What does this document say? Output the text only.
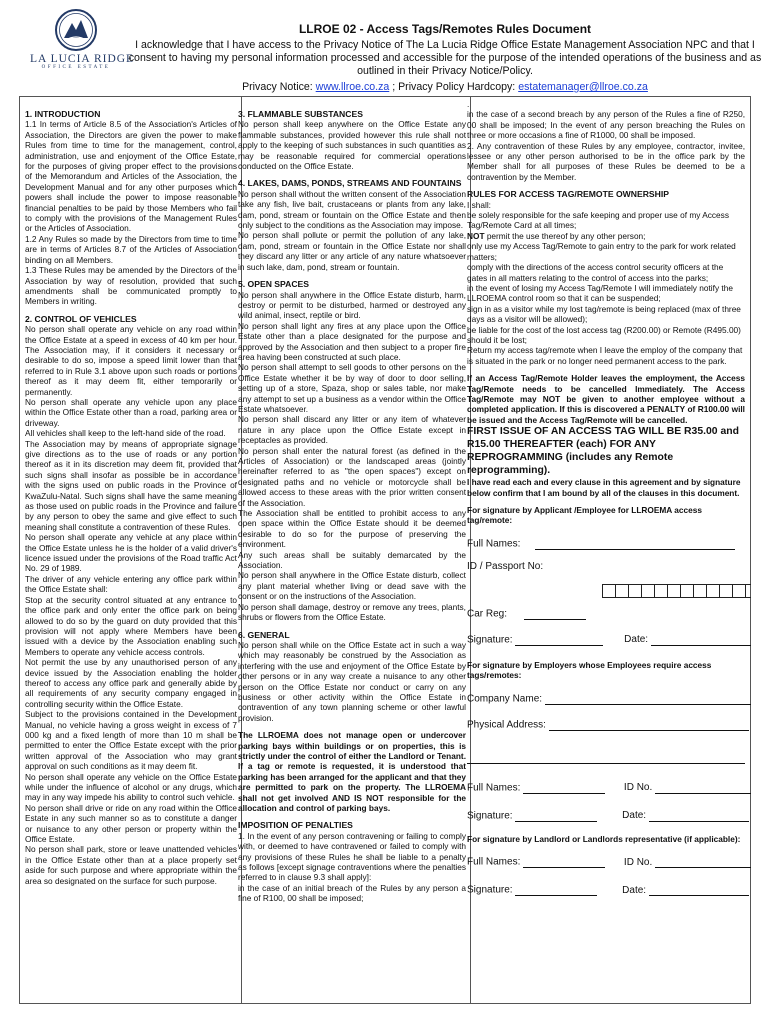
LA LUCIA RIDGE
OFFICE ESTATE

LLROE 02 - Access Tags/Remotes Rules Document

I acknowledge that I have access to the Privacy Notice of The La Lucia Ridge Office Estate Management Association NPC and that I consent to having my personal information processed and accessible for the purpose of the intended operations of the business and as outlined in their Privacy Notice/Policy.

Privacy Notice: www.llroe.co.za ; Privacy Policy Hardcopy: estatemanager@llroe.co.za

1. INTRODUCTION

1.1 In terms of Article 8.5 of the Association's Articles of Association, the Directors are given the power to make Rules from time to time for the management, control, administration, use and enjoyment of the Office Estate, for the purposes of giving proper effect to the provisions of the Memorandum and Articles of the Association, the Development Manual and for any other purposes which powers shall include the power to impose reasonable financial penalties to be paid by those Members who fail to comply with the provisions of the Management Rules or the Articles of Association.

1.2 Any Rules so made by the Directors from time to time are in terms of Articles 8.7 of the Articles of Association binding on all Members.

1.3 These Rules may be amended by the Directors of the Association by way of resolution, provided that such amendments shall be communicated promptly to Members in writing.

2. CONTROL OF VEHICLES

No person shall operate any vehicle on any road within the Office Estate at a speed in excess of 40 km per hour. The Association may, if it considers it necessary or desirable to do so, impose a speed limit lower than that referred to in Rule 3.1 above upon such roads or portions thereof as it may deem fit, either temporarily or permanently.

No person shall operate any vehicle upon any place within the Office Estate other than a road, parking area or driveway.

All vehicles shall keep to the left-hand side of the road.

The Association may by means of appropriate signage give directions as to the use of roads or any portion thereof as it in its discretion may deem fit, provided that such signs shall insofar as possible be in accordance with the signs used on public roads in the Province of KwaZulu-Natal. Such signs shall have the same meaning as those used on public roads in the Province and failure by any person to obey the same and give effect to such meaning shall constitute a contravention of these Rules.

No person shall operate any vehicle at any place within the Office Estate unless he is the holder of a valid driver's licence issued under the provisions of the Road traffic Act No. 29 of 1989.

The driver of any vehicle entering any office park within the Office Estate shall:

Stop at the security control situated at any entrance to the office park and only enter the office park on being allowed to do so by the guard on duty provided that this provision will not apply where Members have been issued with a device by the Association enabling such Members to operate any vehicle access controls.

Not permit the use by any unauthorised person of any device issued by the Association enabling the holder thereof to access any office park and generally abide by all requirements of any security company engaged in controlling security within the Office Estate.

Subject to the provisions contained in the Development Manual, no vehicle having a gross weight in excess of 7 000 kg and a fixed length of more than 10 m shall be permitted to enter the Office Estate except with the prior written approval of the Association who may grant approval on such conditions as it may deem fit.

No person shall operate any vehicle on the Office Estate while under the influence of alcohol or any drugs, which may in any way impede his ability to control such vehicle.

No person shall drive or ride on any road within the Office Estate in any such manner so as to constitute a danger or nuisance to any other person or property within the Office Estate.

No person shall park, store or leave unattended vehicles in the Office Estate other than at a place properly set aside for such purpose and where appropriate within the area so designated on the surface for such purpose.

3. FLAMMABLE SUBSTANCES

No person shall keep anywhere on the Office Estate any flammable substances, provided however this rule shall not apply to the keeping of such substances in such quantities as may be reasonable required for commercial operations conducted on the Office Estate.

4. LAKES, DAMS, PONDS, STREAMS AND FOUNTAINS

No person shall without the written consent of the Association take any fish, live bait, crustaceans or plants from any lake, dam, pond, stream or fountain on the Office Estate and then only subject to the conditions as the Association may impose.

No person shall pollute or permit the pollution of any lake, dam, pond, stream or fountain in the Office Estate nor shall they discard any litter or any article of any nature whatsoever in such lake, dam, pond, stream or fountain.

5. OPEN SPACES

No person shall anywhere in the Office Estate disturb, harm, destroy or permit to be disturbed, harmed or destroyed any wild animal, insect, reptile or bird.

No person shall light any fires at any place upon the Office Estate other than a place designated for the purpose and approved by the Association and then subject to a proper fire area having been constructed at such place.

No person shall attempt to sell goods to other persons on the Office Estate whether it be by way of door to door selling, setting up of a store, Spaza, shop or sales table, nor make any attempt to set up a business as a vendor within the Office Estate whatsoever.

No person shall discard any litter or any item of whatever nature in any place upon the Office Estate except in receptacles as provided.

No person shall enter the natural forest (as defined in the Articles of Association) or the landscaped areas (jointly hereinafter referred to as "the open spaces") except on designated paths and no vehicle or motorcycle shall be allowed access to these areas with the prior written consent of the Association.

The Association shall be entitled to prohibit access to any open space within the Office Estate should it be deemed desirable to do so for the purpose of preserving the environment.

Any such areas shall be suitably demarcated by the Association.

No person shall anywhere in the Office Estate disturb, collect any plant material whether living or dead save with the consent or on the instructions of the Association.

No person shall damage, destroy or remove any trees, plants, shrubs or flowers from the Office Estate.

6. GENERAL

No person shall while on the Office Estate act in such a way which may reasonably be construed by the Association as interfering with the use and enjoyment of the Office Estate by other persons or in any way create a nuisance to any other person on the Office Estate nor conduct or carry on any business or other activity within the Office Estate in contravention of any town planning scheme or other lawful provision.

The LLROEMA does not manage open or undercover parking bays within buildings or on properties, this is strictly under the control of either the Landlord or Tenant. If a tag or remote is requested, it is understood that parking has been arranged for the applicant and that they are permitted to park on the property. The LLROEMA shall not get involved AND IS NOT responsible for the allocation and control of parking bays.

IMPOSITION OF PENALTIES

1. In the event of any person contravening or failing to comply with, or deemed to have contravened or failed to comply with any provisions of these Rules he shall be liable to a penalty as follows [except signage contraventions where the penalties referred to in clause 9.3 shall apply]:

in the case of an initial breach of the Rules by any person a fine of R100, 00 shall be imposed;

.

in the case of a second breach by any person of the Rules a fine of R250, 00 shall be imposed; In the event of any person breaching the Rules on three or more occasions a fine of R1000, 00 shall be imposed.

2. Any contravention of these Rules by any employee, contractor, invitee, lessee or any other person authorised to be in the office park by the Member shall for all purposes of these Rules be deemed to be a contravention by the Member.

RULES FOR ACCESS TAG/REMOTE OWNERSHIP

I shall:

be solely responsible for the safe keeping and proper use of my Access Tag/Remote Card at all times;

NOT permit the use thereof by any other person;

only use my Access Tag/Remote to gain entry to the park for work related matters;

comply with the directions of the access control security officers at the gates in all matters relating to the control of access into the parks;

in the event of losing my Access Tag/Remote I will immediately notify the LLROEMA control room so that it can be suspended;

sign in as a visitor while my lost tag/remote is being replaced (max of three days as a visitor will be allowed);

be liable for the cost of the lost access tag (R200.00) or Remote (R495.00) should it be lost;

Return my access tag/remote when I leave the employ of the company that is situated in the park or no longer need permanent access to the park.

If an Access Tag/Remote Holder leaves the employment, the Access Tag/Remote needs to be cancelled Immediately. The Access Tag/Remote may NOT be given to another employee without a completed application. If this is discovered a PENALTY of R100.00 will be issued and the Access Tag/Remote will be cancelled.

FIRST ISSUE OF AN ACCESS TAG WILL BE R35.00 and R15.00 THEREAFTER (each) FOR ANY REPROGRAMMING (includes any Remote reprogramming).

I have read each and every clause in this agreement and by signature below confirm that I am bound by all of the clauses in this document.

For signature by Applicant /Employee for LLROEMA access tag/remote:

Full Names:

ID / Passport No:

Car Reg:

Signature:	Date:

For signature by Employers whose Employees require access tags/remotes:

Company Name:

Physical Address:

Full Names:	ID No.

Signature:	Date:

For signature by Landlord or Landlords representative (if applicable):

Full Names:	ID No.

Signature:	Date:
